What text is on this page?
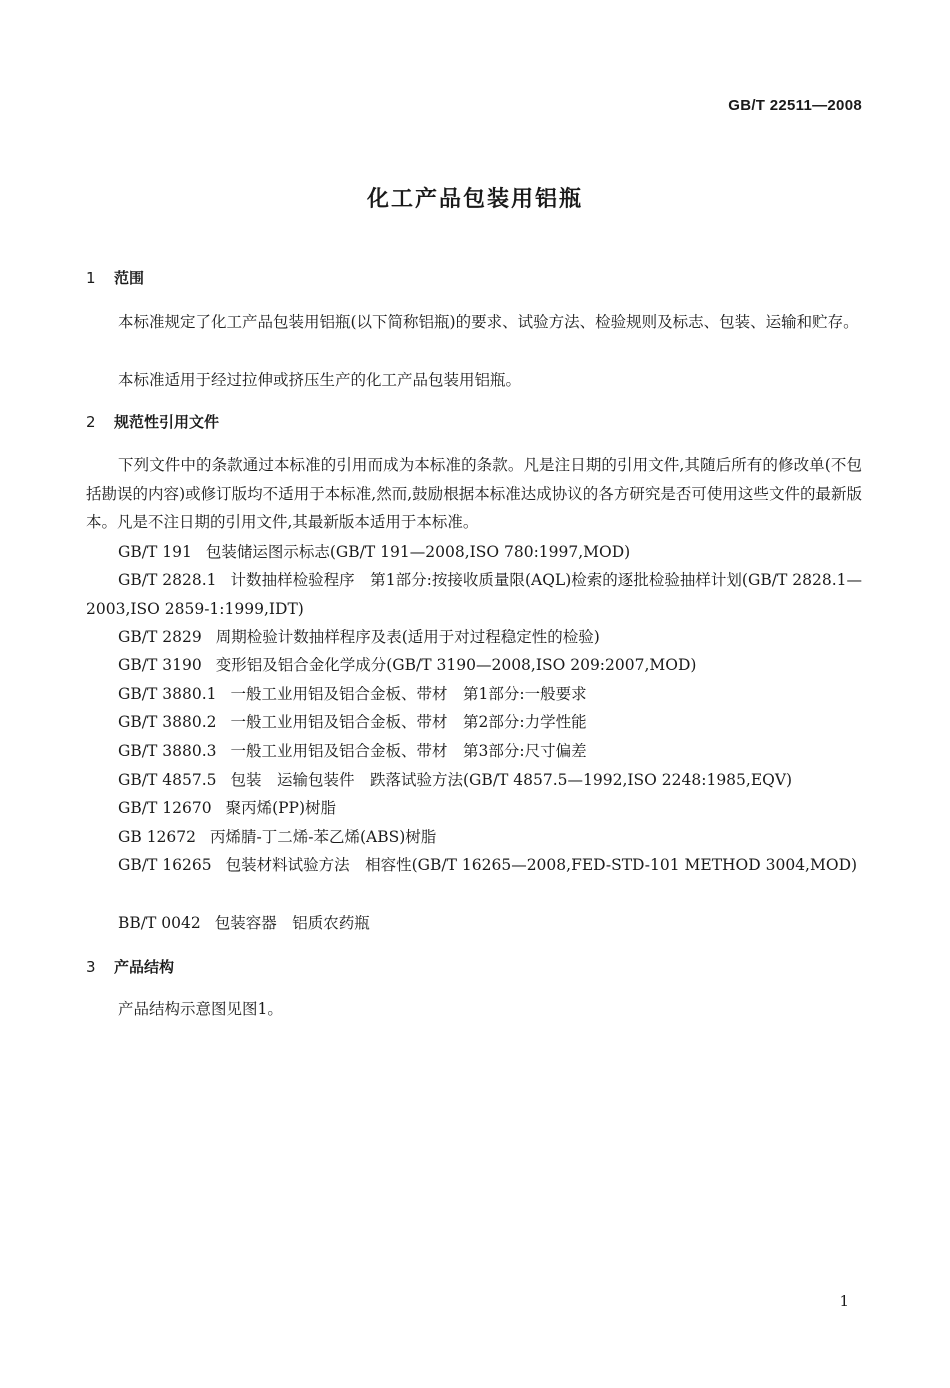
GB/T 22511—2008
化工产品包装用铝瓶
1 范围
本标准规定了化工产品包装用铝瓶(以下简称铝瓶)的要求、试验方法、检验规则及标志、包装、运输和贮存。
本标准适用于经过拉伸或挤压生产的化工产品包装用铝瓶。
2 规范性引用文件
下列文件中的条款通过本标准的引用而成为本标准的条款。凡是注日期的引用文件,其随后所有的修改单(不包括勘误的内容)或修订版均不适用于本标准,然而,鼓励根据本标准达成协议的各方研究是否可使用这些文件的最新版本。凡是不注日期的引用文件,其最新版本适用于本标准。
GB/T 191 包装储运图示标志(GB/T 191—2008,ISO 780:1997,MOD)
GB/T 2828.1 计数抽样检验程序　第1部分:按接收质量限(AQL)检索的逐批检验抽样计划(GB/T 2828.1—2003,ISO 2859-1:1999,IDT)
GB/T 2829 周期检验计数抽样程序及表(适用于对过程稳定性的检验)
GB/T 3190 变形铝及铝合金化学成分(GB/T 3190—2008,ISO 209:2007,MOD)
GB/T 3880.1 一般工业用铝及铝合金板、带材　第1部分:一般要求
GB/T 3880.2 一般工业用铝及铝合金板、带材　第2部分:力学性能
GB/T 3880.3 一般工业用铝及铝合金板、带材　第3部分:尺寸偏差
GB/T 4857.5 包装　运输包装件　跌落试验方法(GB/T 4857.5—1992,ISO 2248:1985,EQV)
GB/T 12670 聚丙烯(PP)树脂
GB 12672 丙烯腈-丁二烯-苯乙烯(ABS)树脂
GB/T 16265 包装材料试验方法　相容性(GB/T 16265—2008,FED-STD-101 METHOD 3004,MOD)
BB/T 0042 包装容器　铝质农药瓶
3 产品结构
产品结构示意图见图1。
1
